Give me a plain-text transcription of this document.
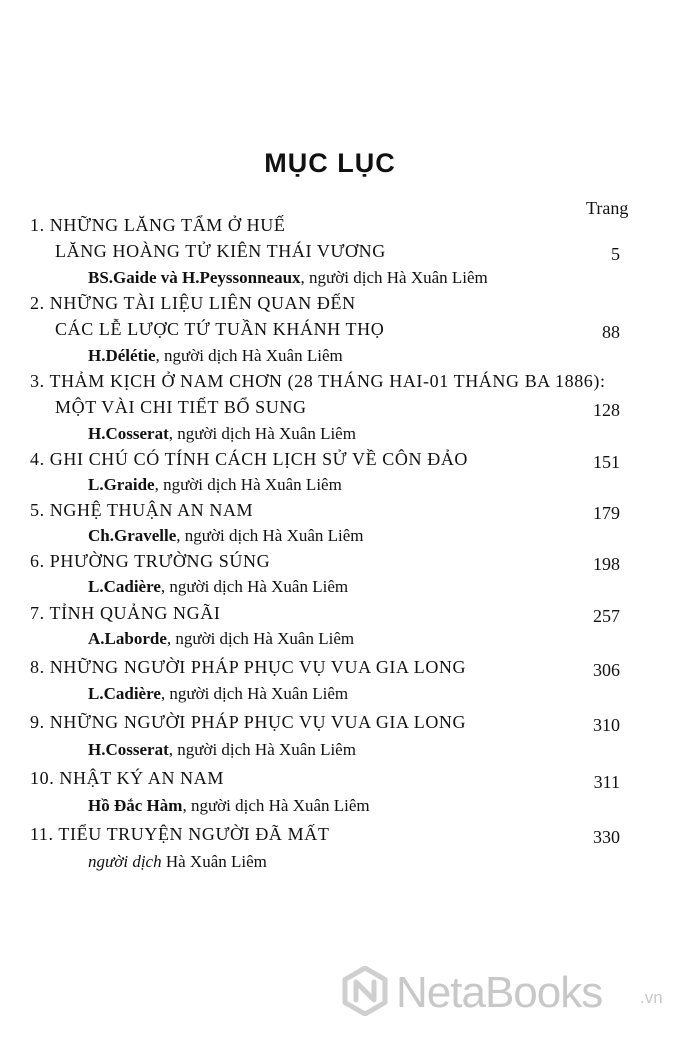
MỤC LỤC
Trang
1. NHỮNG LĂNG TẨM Ở HUẾ
LĂNG HOÀNG TỬ KIÊN THÁI VƯƠNG	5
BS.Gaide và H.Peyssonneaux, người dịch Hà Xuân Liêm
2. NHỮNG TÀI LIỆU LIÊN QUAN ĐẾN
CÁC LỄ LƯỢC TỨ TUẦN KHÁNH THỌ	88
H.Délétie, người dịch Hà Xuân Liêm
3. THẢM KỊCH Ở NAM CHƠN (28 THÁNG HAI-01 THÁNG BA 1886):
MỘT VÀI CHI TIẾT BỔ SUNG	128
H.Cosserat, người dịch Hà Xuân Liêm
4. GHI CHÚ CÓ TÍNH CÁCH LỊCH SỬ VỀ CÔN ĐẢO	151
L.Graide, người dịch Hà Xuân Liêm
5. NGHỆ THUẬN AN NAM	179
Ch.Gravelle, người dịch Hà Xuân Liêm
6. PHƯỜNG TRƯỜNG SÚNG	198
L.Cadière, người dịch Hà Xuân Liêm
7. TỈNH QUẢNG NGÃI	257
A.Laborde, người dịch Hà Xuân Liêm
8. NHỮNG NGƯỜI PHÁP PHỤC VỤ VUA GIA LONG	306
L.Cadière, người dịch Hà Xuân Liêm
9. NHỮNG NGƯỜI PHÁP PHỤC VỤ VUA GIA LONG	310
H.Cosserat, người dịch Hà Xuân Liêm
10. NHẬT KÝ AN NAM	311
Hồ Đắc Hàm, người dịch Hà Xuân Liêm
11. TIỂU TRUYỆN NGƯỜI ĐÃ MẤT	330
người dịch Hà Xuân Liêm
NetaBooks .vn
